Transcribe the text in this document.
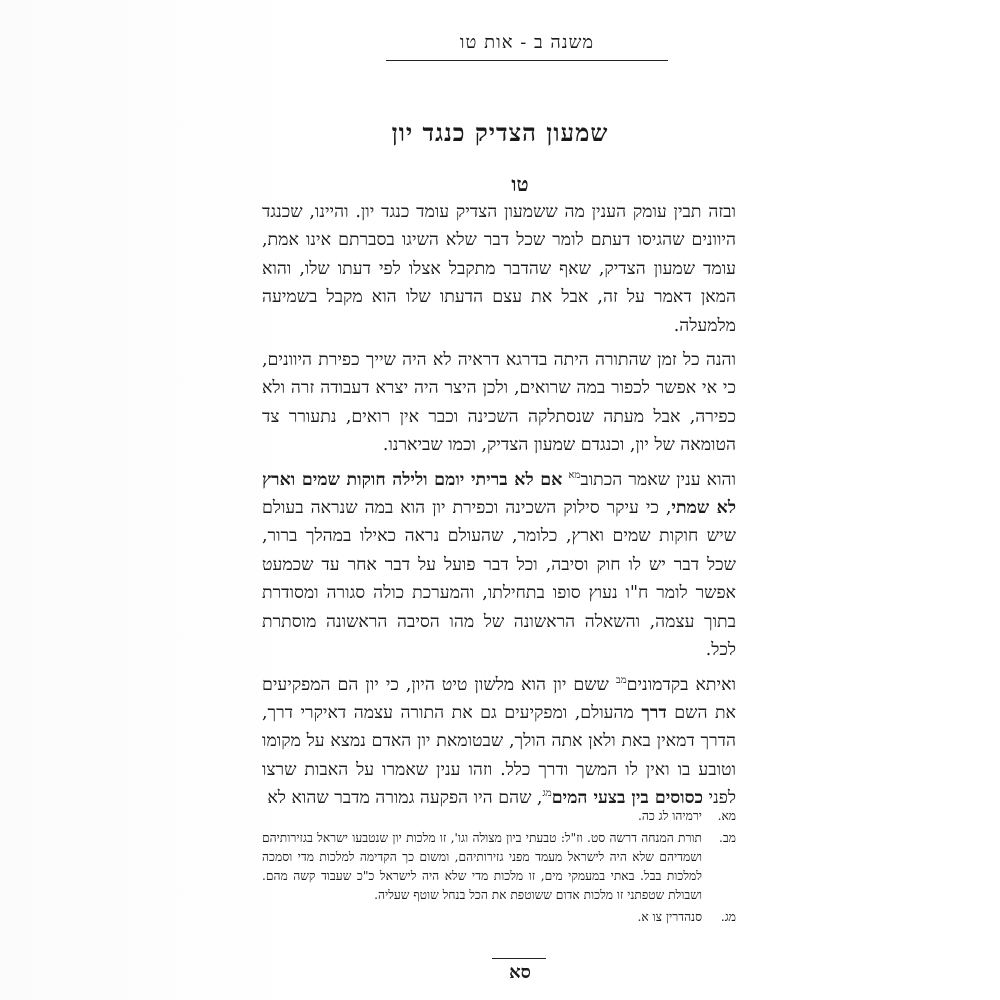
משנה ב - אות טו
שמעון הצדיק כנגד יון
טו

ובזה תבין עומק הענין מה ששמעון הצדיק עומד כנגד יון. והיינו, שכנגד היוונים שהגיסו דעתם לומר שכל דבר שלא השיגו בסברתם אינו אמת, עומד שמעון הצדיק, שאף שהדבר מתקבל אצלו לפי דעתו שלו, והוא המאן דאמר על זה, אבל את עצם הדעתו שלו הוא מקבל בשמיעה מלמעלה.

והנה כל זמן שהתורה היתה בדרגא דראיה לא היה שייך כפירת היוונים, כי אי אפשר לכפור במה שרואים, ולכן היצר היה יצרא דעבודה זרה ולא כפירה, אבל מעתה שנסתלקה השכינה וכבר אין רואים, נתעורר צד הטומאה של יון, וכנגדם שמעון הצדיק, וכמו שביארנו.

והוא ענין שאמר הכתוב$^{מא}$ אם לא בריתי יומם ולילה חוקות שמים וארץ לא שמתי, כי עיקר סילוק השכינה וכפירת יון הוא במה שנראה בעולם שיש חוקות שמים וארץ, כלומר, שהעולם נראה כאילו במהלך ברור, שכל דבר יש לו חוק וסיבה, וכל דבר פועל על דבר אחר עד שכמעט אפשר לומר ח"ו נעוץ סופו בתחילתו, והמערכת כולה סגורה ומסודרת בתוך עצמה, והשאלה הראשונה של מהו הסיבה הראשונה מוסתרת לכל.

ואיתא בקדמונים$^{מב}$ ששם יון הוא מלשון טיט היון, כי יון הם המפקיעים את השם דרך מהעולם, ומפקיעים גם את התורה עצמה דאיקרי דרך, הדרך דמאין באת ולאן אתה הולך, שבטומאת יון האדם נמצא על מקומו וטובע בו ואין לו המשך ודרך כלל. וזהו ענין שאמרו על האבות שרצו לפני כסוסים בין בצעי המים$^{מג}$, שהם היו הפקעה גמורה מדבר שהוא לא

מא.
ירמיהו לג כה.
מב.
תורת המנחה דרשה סט. וז"ל: טבעתי ביון מצולה וגו', זו מלכות יון שנטבעו ישראל בגזירותיהם ושמדיהם שלא היה לישראל מעמד מפני גזירותיהם, ומשום כך הקדימה למלכות מדי וסמכה למלכות בבל. באתי במעמקי מים, זו מלכות מדי שלא היה לישראל כ"כ שעבוד קשה מהם. ושבולת שטפתני זו מלכות אדום ששוטפת את הכל בנחל שוטף שעליה.
מג.
סנהדרין צו א.
סא
